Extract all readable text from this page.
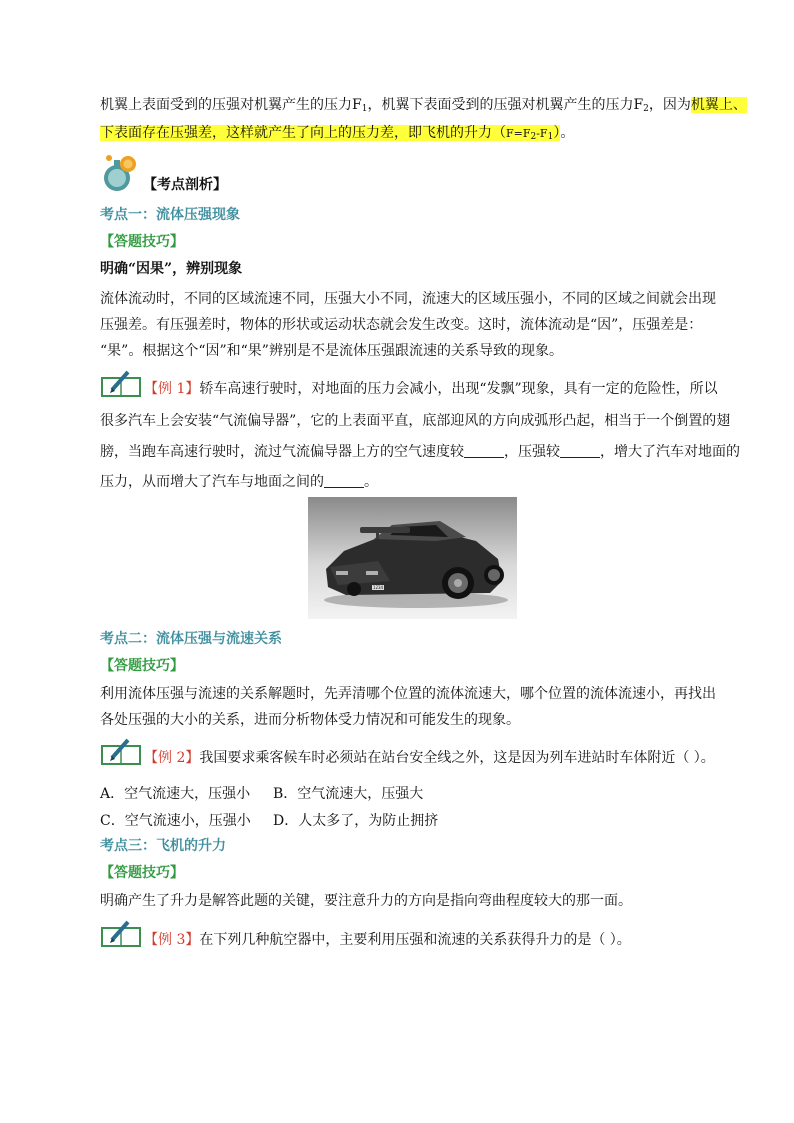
机翼上表面受到的压强对机翼产生的压力$F_1$，机翼下表面受到的压强对机翼产生的压力$F_2$，因为机翼上、
下表面存在压强差，这样就产生了向上的压力差，即飞机的升力$(F=F_2-F_1)$。
【考点剖析】
考点一：流体压强现象
【答题技巧】
明确“因果”，辨别现象
流体流动时，不同的区域流速不同，压强大小不同，流速大的区域压强小，不同的区域之间就会出现
压强差。有压强差时，物体的形状或运动状态就会发生改变。这时，流体流动是“因”，压强差是：
“果”。根据这个“因”和“果”辨别是不是流体压强跟流速的关系导致的现象。
【例 1】轿车高速行驶时，对地面的压力会减小，出现“发飘”现象，具有一定的危险性，所以
很多汽车上会安装“气流偏导器”，它的上表面平直，底部迎风的方向成弧形凸起，相当于一个倒置的翅
膀，当跑车高速行驶时，流过气流偏导器上方的空气速度较	，压强较	，增大了汽车对地面的
压力，从而增大了汽车与地面之间的	。
1234
考点二：流体压强与流速关系
【答题技巧】
利用流体压强与流速的关系解题时，先弄清哪个位置的流体流速大，哪个位置的流体流速小，再找出
各处压强的大小的关系，进而分析物体受力情况和可能发生的现象。
【例 2】我国要求乘客候车时必须站在站台安全线之外，这是因为列车进站时车体附近（ ）。
A．空气流速大，压强小 B．空气流速大，压强大
C．空气流速小，压强小 D．人太多了，为防止拥挤
考点三：飞机的升力
【答题技巧】
明确产生了升力是解答此题的关键，要注意升力的方向是指向弯曲程度较大的那一面。
【例 3】在下列几种航空器中，主要利用压强和流速的关系获得升力的是（ ）。
